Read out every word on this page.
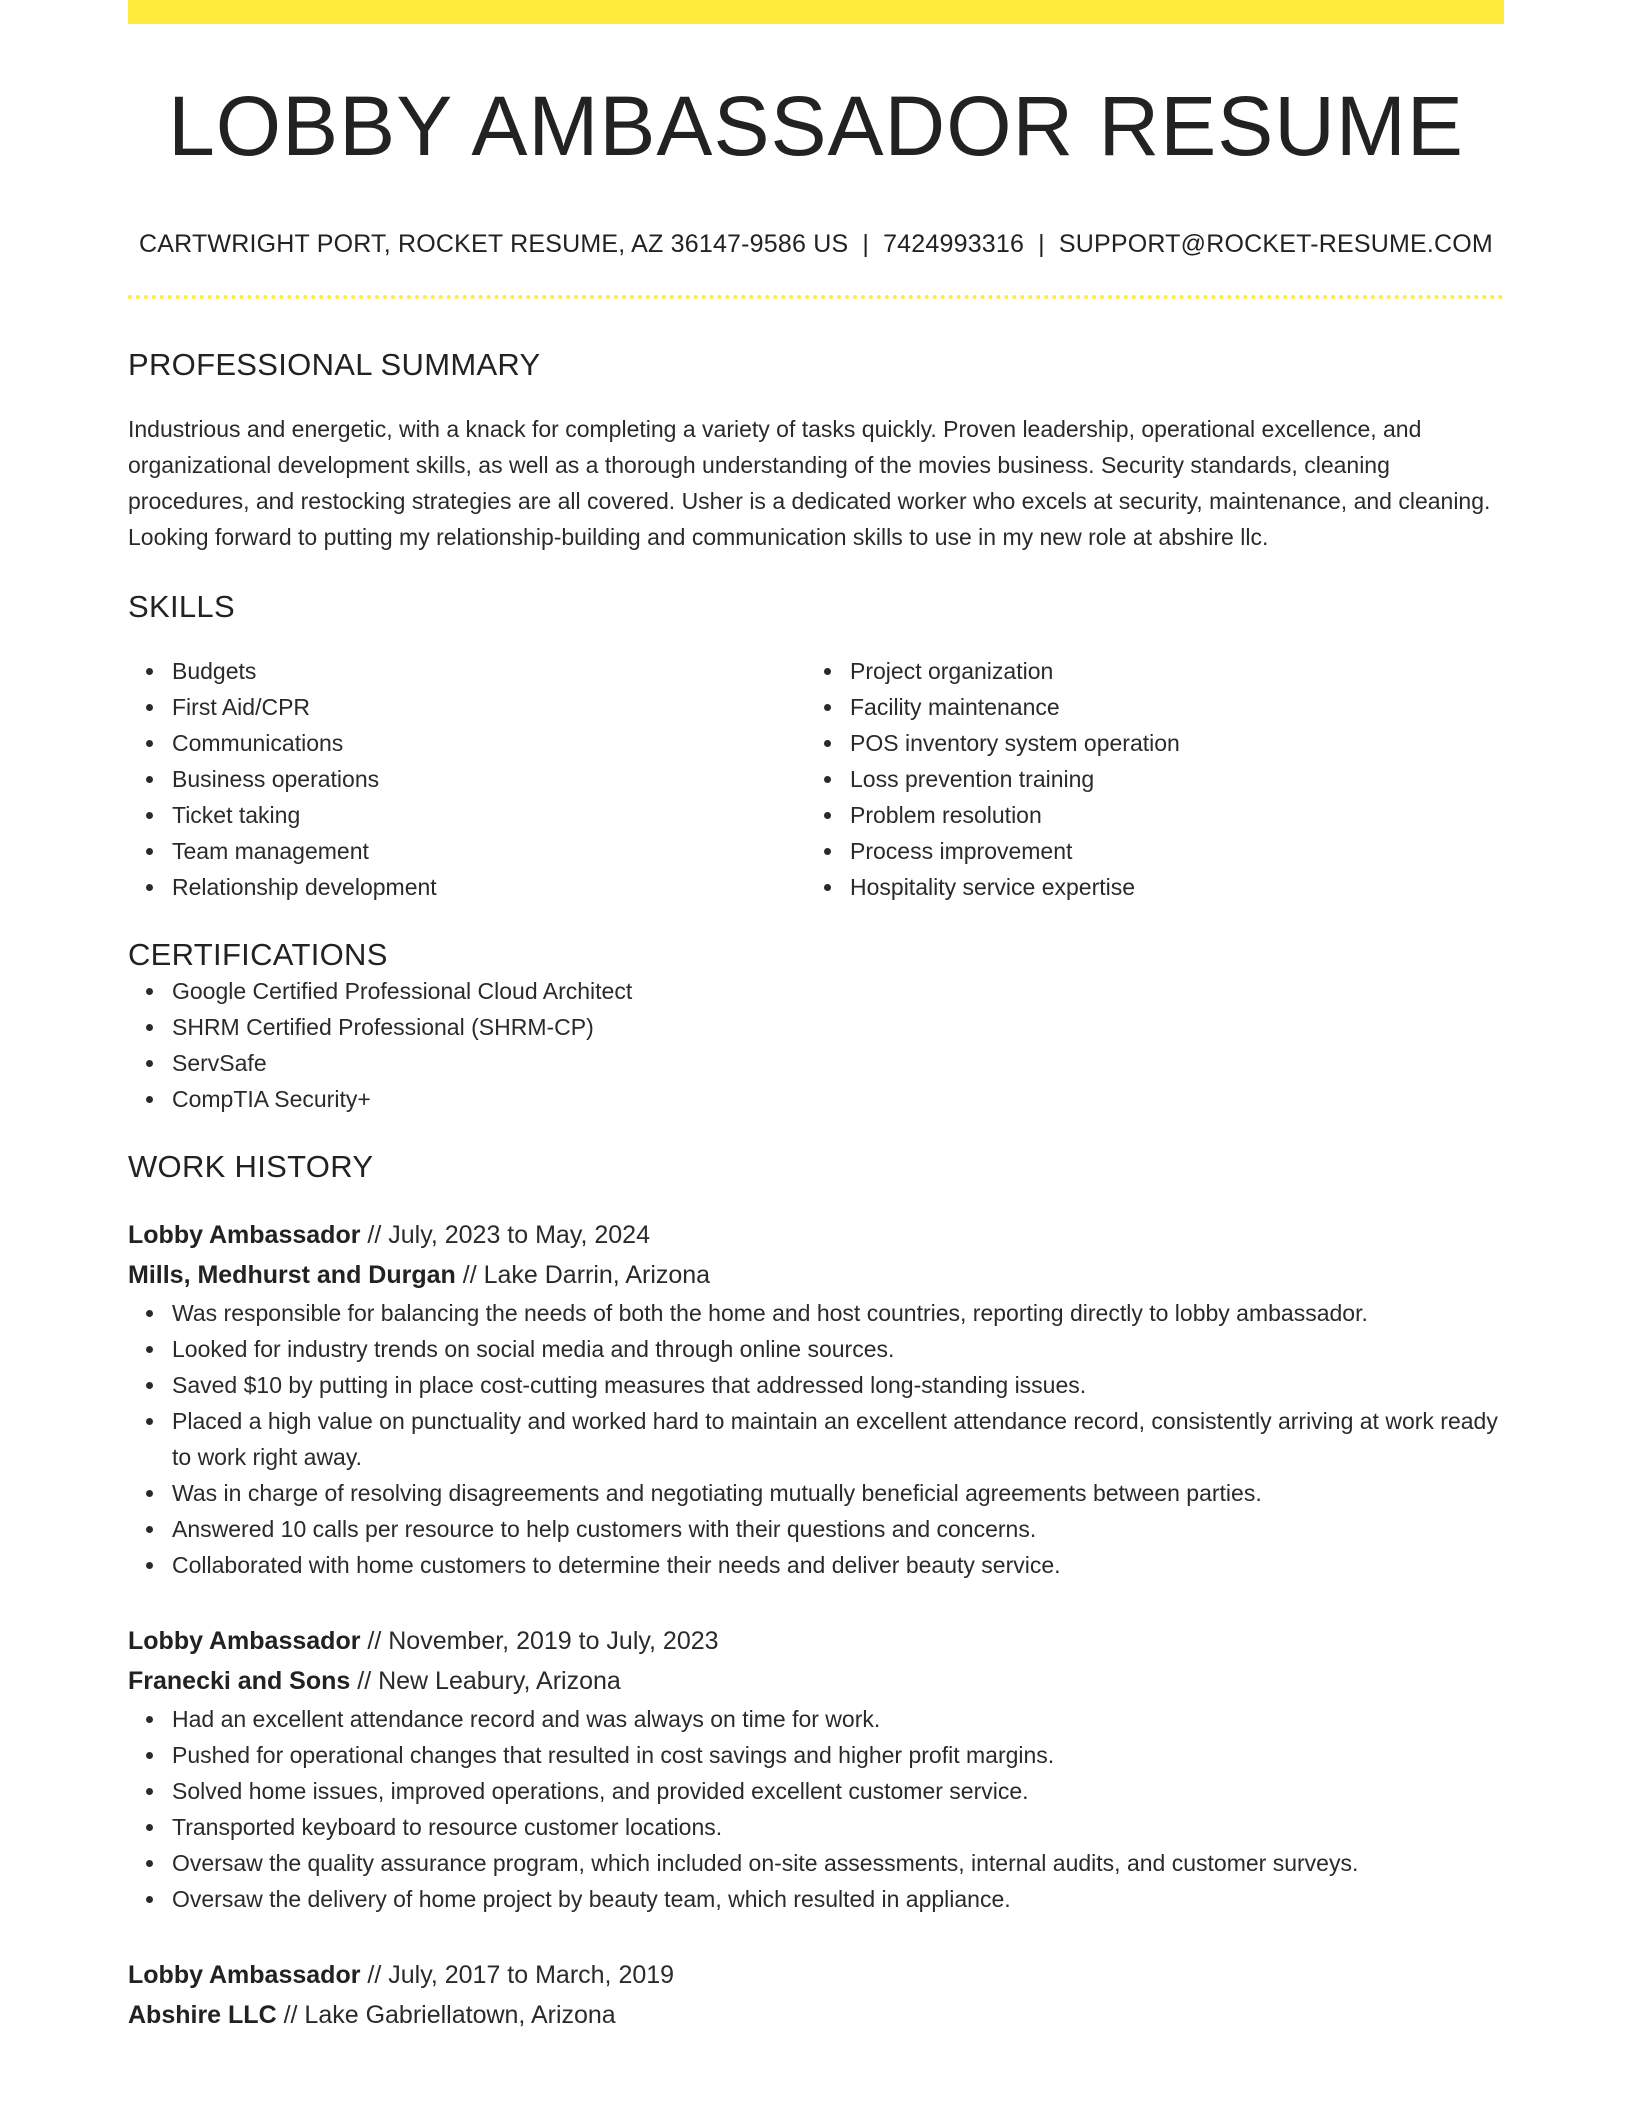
LOBBY AMBASSADOR RESUME
CARTWRIGHT PORT, ROCKET RESUME, AZ 36147-9586 US | 7424993316 | SUPPORT@ROCKET-RESUME.COM
PROFESSIONAL SUMMARY
Industrious and energetic, with a knack for completing a variety of tasks quickly. Proven leadership, operational excellence, and organizational development skills, as well as a thorough understanding of the movies business. Security standards, cleaning procedures, and restocking strategies are all covered. Usher is a dedicated worker who excels at security, maintenance, and cleaning. Looking forward to putting my relationship-building and communication skills to use in my new role at abshire llc.
SKILLS
Budgets
First Aid/CPR
Communications
Business operations
Ticket taking
Team management
Relationship development
Project organization
Facility maintenance
POS inventory system operation
Loss prevention training
Problem resolution
Process improvement
Hospitality service expertise
CERTIFICATIONS
Google Certified Professional Cloud Architect
SHRM Certified Professional (SHRM-CP)
ServSafe
CompTIA Security+
WORK HISTORY
Lobby Ambassador // July, 2023 to May, 2024
Mills, Medhurst and Durgan // Lake Darrin, Arizona
Was responsible for balancing the needs of both the home and host countries, reporting directly to lobby ambassador.
Looked for industry trends on social media and through online sources.
Saved $10 by putting in place cost-cutting measures that addressed long-standing issues.
Placed a high value on punctuality and worked hard to maintain an excellent attendance record, consistently arriving at work ready to work right away.
Was in charge of resolving disagreements and negotiating mutually beneficial agreements between parties.
Answered 10 calls per resource to help customers with their questions and concerns.
Collaborated with home customers to determine their needs and deliver beauty service.
Lobby Ambassador // November, 2019 to July, 2023
Franecki and Sons // New Leabury, Arizona
Had an excellent attendance record and was always on time for work.
Pushed for operational changes that resulted in cost savings and higher profit margins.
Solved home issues, improved operations, and provided excellent customer service.
Transported keyboard to resource customer locations.
Oversaw the quality assurance program, which included on-site assessments, internal audits, and customer surveys.
Oversaw the delivery of home project by beauty team, which resulted in appliance.
Lobby Ambassador // July, 2017 to March, 2019
Abshire LLC // Lake Gabriellatown, Arizona
